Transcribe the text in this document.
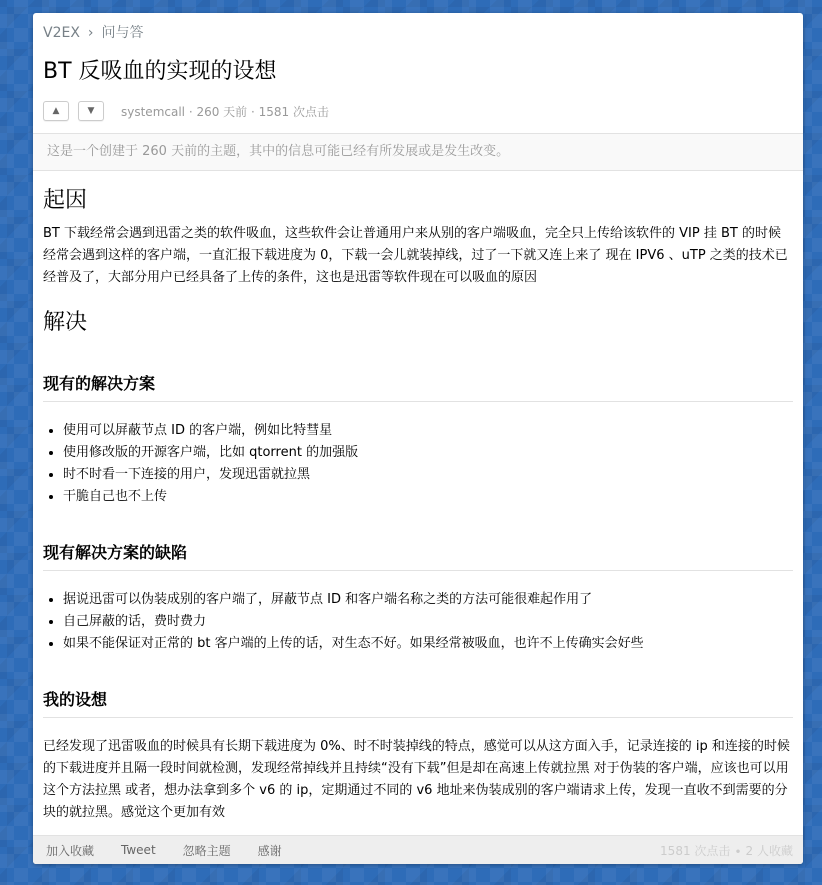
V2EX › 问与答
BT 反吸血的实现的设想
▲	▼ systemcall · 260 天前 · 1581 次点击
这是一个创建于 260 天前的主题，其中的信息可能已经有所发展或是发生改变。
起因

BT 下载经常会遇到迅雷之类的软件吸血，这些软件会让普通用户来从别的客户端吸血，完全只上传给该软件的 VIP 挂 BT 的时候经常会遇到这样的客户端，一直汇报下载进度为 0，下载一会儿就装掉线，过了一下就又连上来了 现在 IPV6 、uTP 之类的技术已经普及了，大部分用户已经具备了上传的条件，这也是迅雷等软件现在可以吸血的原因

解决
现有的解决方案
• 使用可以屏蔽节点 ID 的客户端，例如比特彗星
• 使用修改版的开源客户端，比如 qtorrent 的加强版
• 时不时看一下连接的用户，发现迅雷就拉黑
• 干脆自己也不上传
现有解决方案的缺陷
• 据说迅雷可以伪装成别的客户端了，屏蔽节点 ID 和客户端名称之类的方法可能很难起作用了
• 自己屏蔽的话，费时费力
• 如果不能保证对正常的 bt 客户端的上传的话，对生态不好。如果经常被吸血，也许不上传确实会好些
我的设想

已经发现了迅雷吸血的时候具有长期下载进度为 0%、时不时装掉线的特点，感觉可以从这方面入手，记录连接的 ip 和连接的时候的下载进度并且隔一段时间就检测，发现经常掉线并且持续“没有下载”但是却在高速上传就拉黑 对于伪装的客户端，应该也可以用这个方法拉黑 或者，想办法拿到多个 v6 的 ip，定期通过不同的 v6 地址来伪装成别的客户端请求上传，发现一直收不到需要的分块的就拉黑。感觉这个更加有效

加入收藏 Tweet 忽略主题 感谢	1581 次点击 ∙ 2 人收藏
